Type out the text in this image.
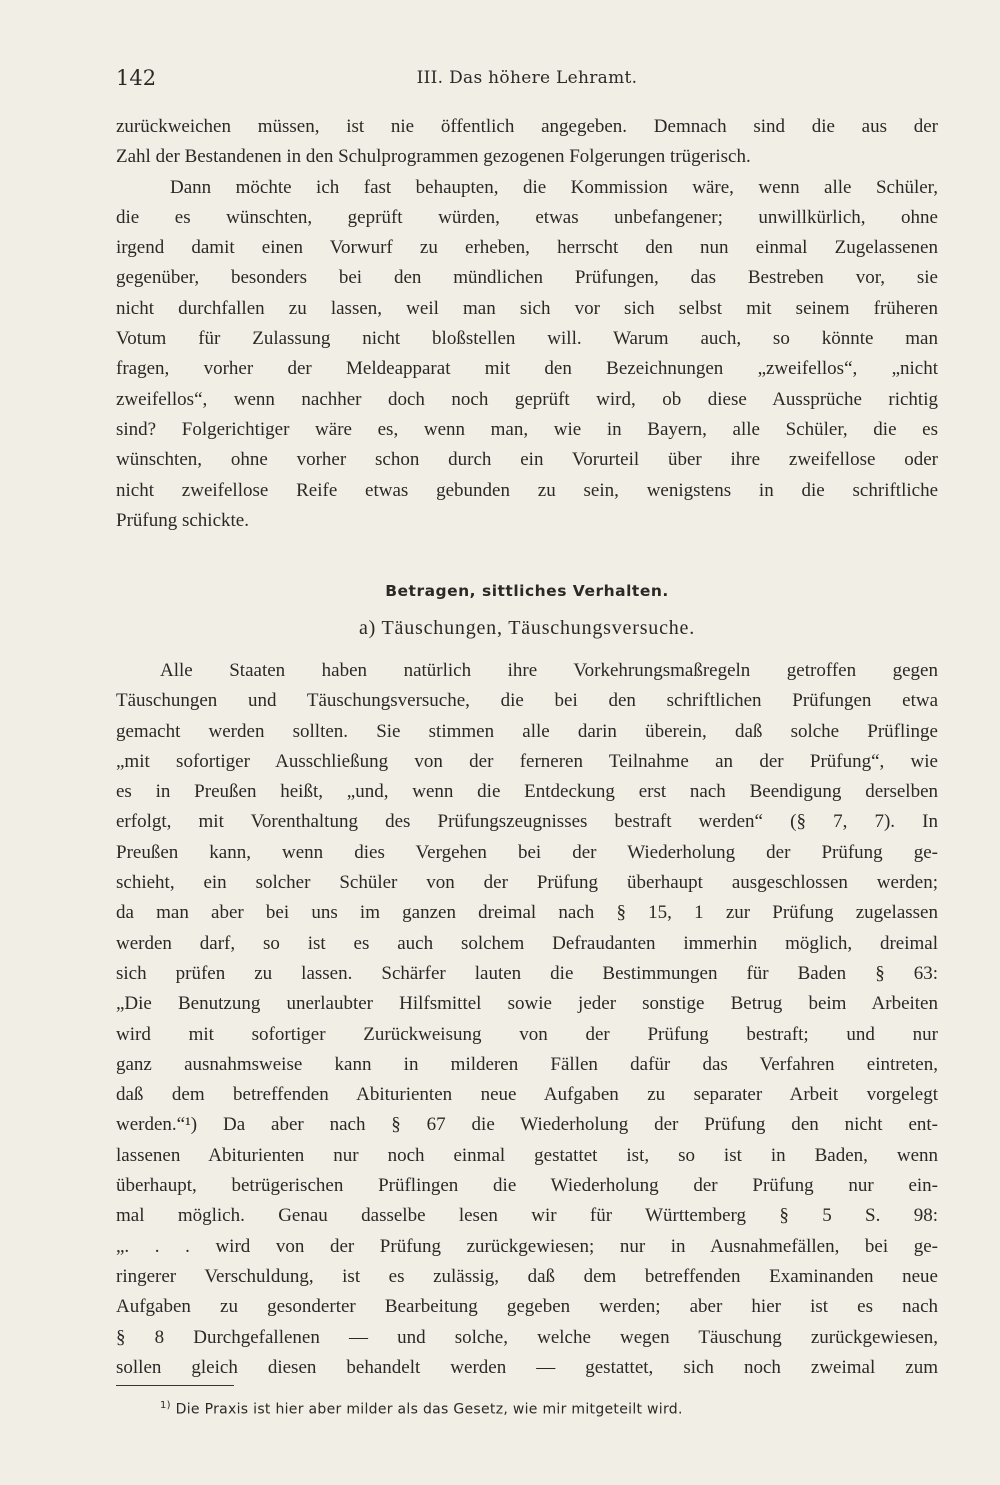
142	III. Das höhere Lehramt.
zurückweichen müssen, ist nie öffentlich angegeben. Demnach sind die aus der
Zahl der Bestandenen in den Schulprogrammen gezogenen Folgerungen trügerisch.
Dann möchte ich fast behaupten, die Kommission wäre, wenn alle Schüler,
die es wünschten, geprüft würden, etwas unbefangener; unwillkürlich, ohne
irgend damit einen Vorwurf zu erheben, herrscht den nun einmal Zugelassenen
gegenüber, besonders bei den mündlichen Prüfungen, das Bestreben vor, sie
nicht durchfallen zu lassen, weil man sich vor sich selbst mit seinem früheren
Votum für Zulassung nicht bloßstellen will. Warum auch, so könnte man
fragen, vorher der Meldeapparat mit den Bezeichnungen „zweifellos“, „nicht
zweifellos“, wenn nachher doch noch geprüft wird, ob diese Aussprüche richtig
sind? Folgerichtiger wäre es, wenn man, wie in Bayern, alle Schüler, die es
wünschten, ohne vorher schon durch ein Vorurteil über ihre zweifellose oder
nicht zweifellose Reife etwas gebunden zu sein, wenigstens in die schriftliche
Prüfung schickte.
Betragen, sittliches Verhalten.
a) Täuschungen, Täuschungsversuche.
Alle Staaten haben natürlich ihre Vorkehrungsmaßregeln getroffen gegen
Täuschungen und Täuschungsversuche, die bei den schriftlichen Prüfungen etwa
gemacht werden sollten. Sie stimmen alle darin überein, daß solche Prüflinge
„mit sofortiger Ausschließung von der ferneren Teilnahme an der Prüfung“, wie
es in Preußen heißt, „und, wenn die Entdeckung erst nach Beendigung derselben
erfolgt, mit Vorenthaltung des Prüfungszeugnisses bestraft werden“ (§ 7, 7). In
Preußen kann, wenn dies Vergehen bei der Wiederholung der Prüfung ge-
schieht, ein solcher Schüler von der Prüfung überhaupt ausgeschlossen werden;
da man aber bei uns im ganzen dreimal nach § 15, 1 zur Prüfung zugelassen
werden darf, so ist es auch solchem Defraudanten immerhin möglich, dreimal
sich prüfen zu lassen. Schärfer lauten die Bestimmungen für Baden § 63:
„Die Benutzung unerlaubter Hilfsmittel sowie jeder sonstige Betrug beim Arbeiten
wird mit sofortiger Zurückweisung von der Prüfung bestraft; und nur
ganz ausnahmsweise kann in milderen Fällen dafür das Verfahren eintreten,
daß dem betreffenden Abiturienten neue Aufgaben zu separater Arbeit vorgelegt
werden.“¹) Da aber nach § 67 die Wiederholung der Prüfung den nicht ent-
lassenen Abiturienten nur noch einmal gestattet ist, so ist in Baden, wenn
überhaupt, betrügerischen Prüflingen die Wiederholung der Prüfung nur ein-
mal möglich. Genau dasselbe lesen wir für Württemberg § 5 S. 98:
„. . . wird von der Prüfung zurückgewiesen; nur in Ausnahmefällen, bei ge-
ringerer Verschuldung, ist es zulässig, daß dem betreffenden Examinanden neue
Aufgaben zu gesonderter Bearbeitung gegeben werden; aber hier ist es nach
§ 8 Durchgefallenen — und solche, welche wegen Täuschung zurückgewiesen,
sollen gleich diesen behandelt werden — gestattet, sich noch zweimal zum
$^{1)}$ Die Praxis ist hier aber milder als das Gesetz, wie mir mitgeteilt wird.
